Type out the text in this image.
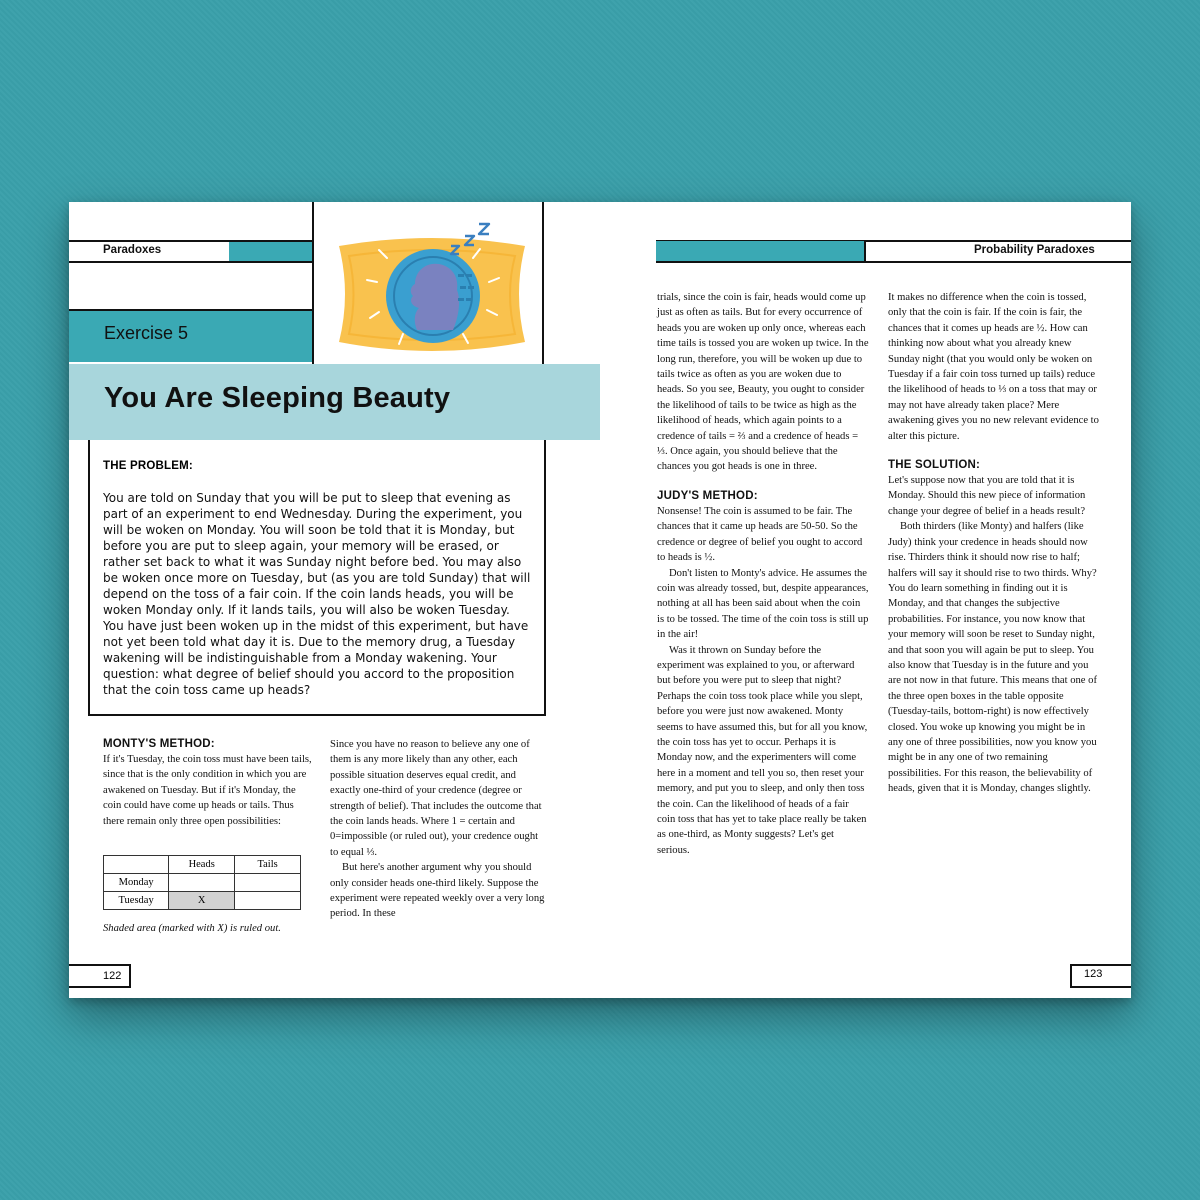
Paradoxes
Exercise 5
You Are Sleeping Beauty
THE PROBLEM:
You are told on Sunday that you will be put to sleep that evening as part of an experiment to end Wednesday. During the experiment, you will be woken on Monday. You will soon be told that it is Monday, but before you are put to sleep again, your memory will be erased, or rather set back to what it was Sunday night before bed. You may also be woken once more on Tuesday, but (as you are told Sunday) that will depend on the toss of a fair coin. If the coin lands heads, you will be woken Monday only. If it lands tails, you will also be woken Tuesday. You have just been woken up in the midst of this experiment, but have not yet been told what day it is. Due to the memory drug, a Tuesday wakening will be indistinguishable from a Monday wakening. Your question: what degree of belief should you accord to the proposition that the coin toss came up heads?
MONTY'S METHOD:

If it's Tuesday, the coin toss must have been tails, since that is the only condition in which you are awakened on Tuesday. But if it's Monday, the coin could have come up heads or tails. Thus there remain only three open possibilities:

	Heads	Tails
Monday		
Tuesday	X	
Shaded area (marked with X) is ruled out.

Since you have no reason to believe any one of them is any more likely than any other, each possible situation deserves equal credit, and exactly one-third of your credence (degree or strength of belief). That includes the outcome that the coin lands heads. Where 1 = certain and 0=impossible (or ruled out), your credence ought to equal ⅓.

But here's another argument why you should only consider heads one-third likely. Suppose the experiment were repeated weekly over a very long period. In these

122
Probability Paradoxes

trials, since the coin is fair, heads would come up just as often as tails. But for every occurrence of heads you are woken up only once, whereas each time tails is tossed you are woken up twice. In the long run, therefore, you will be woken up due to tails twice as often as you are woken due to heads. So you see, Beauty, you ought to consider the likelihood of tails to be twice as high as the likelihood of heads, which again points to a credence of tails = ⅔ and a credence of heads = ⅓. Once again, you should believe that the chances you got heads is one in three.

JUDY'S METHOD:

Nonsense! The coin is assumed to be fair. The chances that it came up heads are 50-50. So the credence or degree of belief you ought to accord to heads is ½.

Don't listen to Monty's advice. He assumes the coin was already tossed, but, despite appearances, nothing at all has been said about when the coin is to be tossed. The time of the coin toss is still up in the air!

Was it thrown on Sunday before the experiment was explained to you, or afterward but before you were put to sleep that night? Perhaps the coin toss took place while you slept, before you were just now awakened. Monty seems to have assumed this, but for all you know, the coin toss has yet to occur. Perhaps it is Monday now, and the experimenters will come here in a moment and tell you so, then reset your memory, and put you to sleep, and only then toss the coin. Can the likelihood of heads of a fair coin toss that has yet to take place really be taken as one-third, as Monty suggests? Let's get serious.

It makes no difference when the coin is tossed, only that the coin is fair. If the coin is fair, the chances that it comes up heads are ½. How can thinking now about what you already knew Sunday night (that you would only be woken on Tuesday if a fair coin toss turned up tails) reduce the likelihood of heads to ⅓ on a toss that may or may not have already taken place? Mere awakening gives you no new relevant evidence to alter this picture.

THE SOLUTION:

Let's suppose now that you are told that it is Monday. Should this new piece of information change your degree of belief in a heads result?

Both thirders (like Monty) and halfers (like Judy) think your credence in heads should now rise. Thirders think it should now rise to half; halfers will say it should rise to two thirds. Why? You do learn something in finding out it is Monday, and that changes the subjective probabilities. For instance, you now know that your memory will soon be reset to Sunday night, and that soon you will again be put to sleep. You also know that Tuesday is in the future and you are not now in that future. This means that one of the three open boxes in the table opposite (Tuesday-tails, bottom-right) is now effectively closed. You woke up knowing you might be in any one of three possibilities, now you know you might be in any one of two remaining possibilities. For this reason, the believability of heads, given that it is Monday, changes slightly.

123
